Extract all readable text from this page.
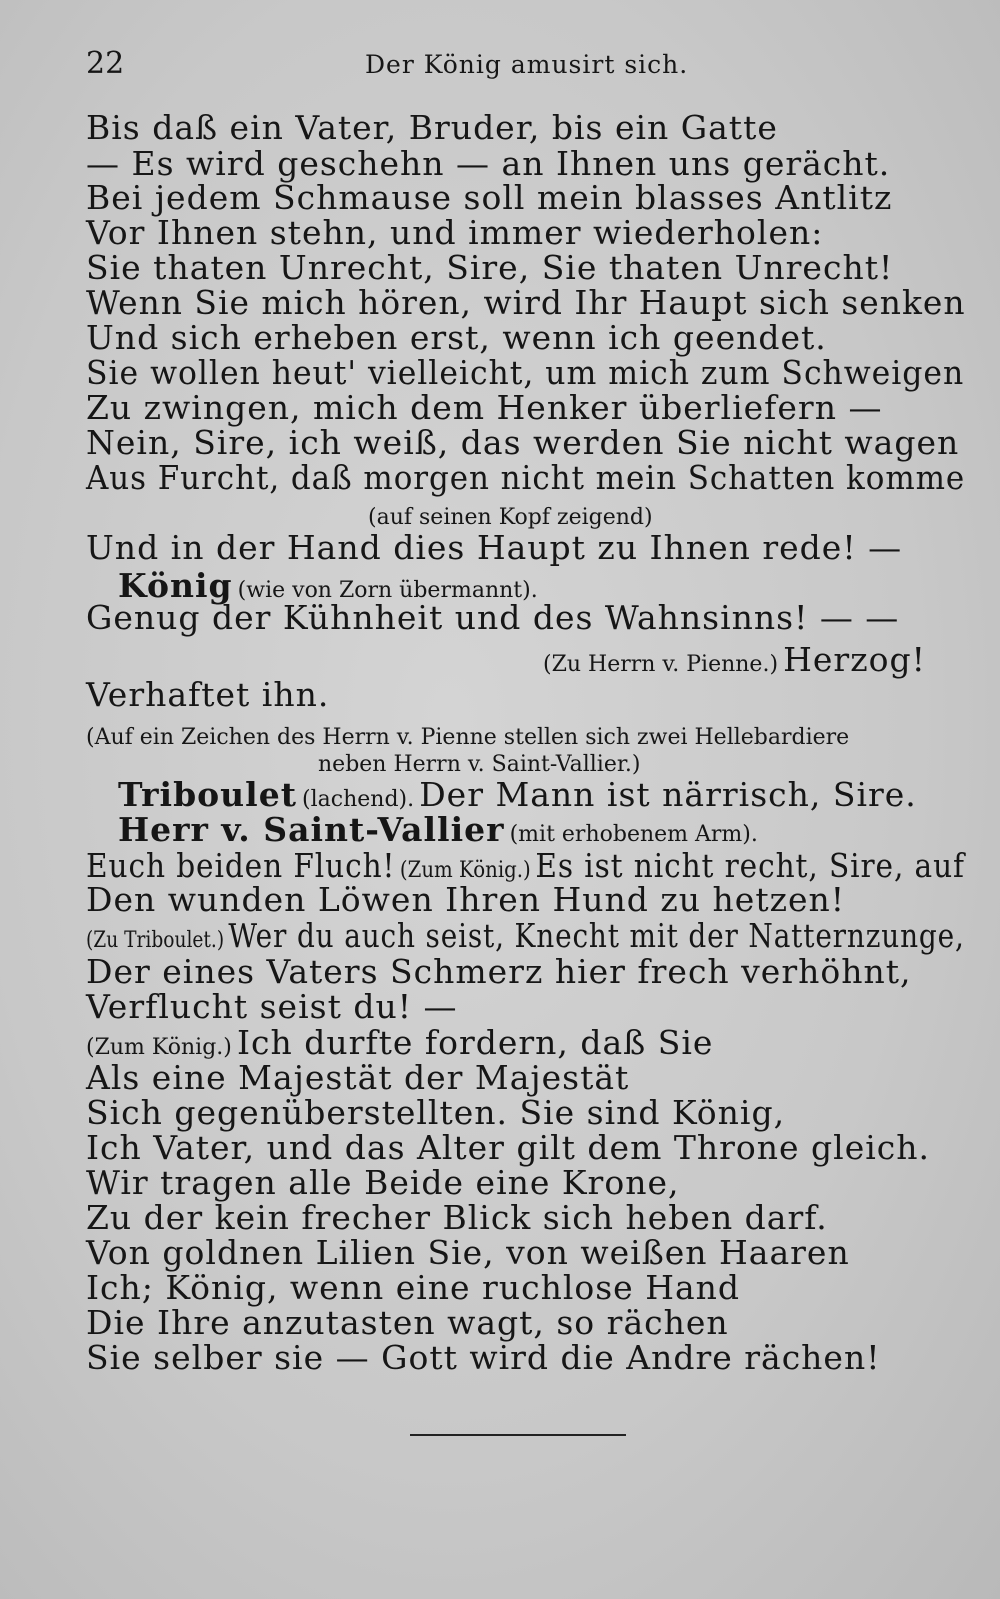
22	Der König amusirt sich.
Bis daß ein Vater, Bruder, bis ein Gatte
— Es wird geschehn — an Ihnen uns gerächt.
Bei jedem Schmause soll mein blasses Antlitz
Vor Ihnen stehn, und immer wiederholen:
Sie thaten Unrecht, Sire, Sie thaten Unrecht!
Wenn Sie mich hören, wird Ihr Haupt sich senken
Und sich erheben erst, wenn ich geendet.
Sie wollen heut' vielleicht, um mich zum Schweigen
Zu zwingen, mich dem Henker überliefern —
Nein, Sire, ich weiß, das werden Sie nicht wagen
Aus Furcht, daß morgen nicht mein Schatten komme
(auf seinen Kopf zeigend)
Und in der Hand dies Haupt zu Ihnen rede! —
König (wie von Zorn übermannt).
Genug der Kühnheit und des Wahnsinns! — —
(Zu Herrn v. Pienne.) Herzog!
Verhaftet ihn.
(Auf ein Zeichen des Herrn v. Pienne stellen sich zwei Hellebardiere
neben Herrn v. Saint-Vallier.)
Triboulet (lachend). Der Mann ist närrisch, Sire.
Herr v. Saint-Vallier (mit erhobenem Arm).
Euch beiden Fluch! (Zum König.) Es ist nicht recht, Sire, auf
Den wunden Löwen Ihren Hund zu hetzen!
(Zu Triboulet.) Wer du auch seist, Knecht mit der Natternzunge,
Der eines Vaters Schmerz hier frech verhöhnt,
Verflucht seist du! —
(Zum König.) Ich durfte fordern, daß Sie
Als eine Majestät der Majestät
Sich gegenüberstellten. Sie sind König,
Ich Vater, und das Alter gilt dem Throne gleich.
Wir tragen alle Beide eine Krone,
Zu der kein frecher Blick sich heben darf.
Von goldnen Lilien Sie, von weißen Haaren
Ich; König, wenn eine ruchlose Hand
Die Ihre anzutasten wagt, so rächen
Sie selber sie — Gott wird die Andre rächen!
